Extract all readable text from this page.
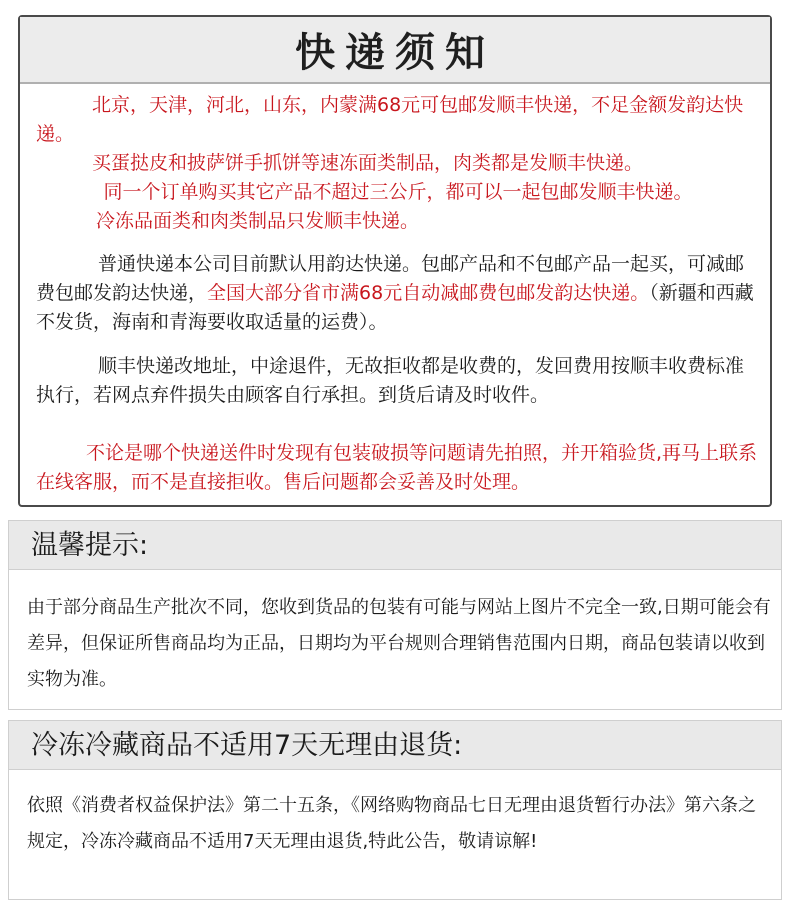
快递须知

北京，天津，河北，山东，内蒙满68元可包邮发顺丰快递，不足金额发韵达快递。

买蛋挞皮和披萨饼手抓饼等速冻面类制品，肉类都是发顺丰快递。

同一个订单购买其它产品不超过三公斤，都可以一起包邮发顺丰快递。

冷冻品面类和肉类制品只发顺丰快递。

普通快递本公司目前默认用韵达快递。包邮产品和不包邮产品一起买，可减邮费包邮发韵达快递，全国大部分省市满68元自动减邮费包邮发韵达快递。（新疆和西藏不发货，海南和青海要收取适量的运费）。

顺丰快递改地址，中途退件，无故拒收都是收费的，发回费用按顺丰收费标准执行，若网点弃件损失由顾客自行承担。到货后请及时收件。

不论是哪个快递送件时发现有包装破损等问题请先拍照，并开箱验货,再马上联系在线客服，而不是直接拒收。售后问题都会妥善及时处理。

温馨提示:

由于部分商品生产批次不同，您收到货品的包装有可能与网站上图片不完全一致,日期可能会有差异，但保证所售商品均为正品，日期均为平台规则合理销售范围内日期，商品包装请以收到实物为准。

冷冻冷藏商品不适用7天无理由退货:

依照《消费者权益保护法》第二十五条，《网络购物商品七日无理由退货暂行办法》第六条之规定，冷冻冷藏商品不适用7天无理由退货,特此公告，敬请谅解!
